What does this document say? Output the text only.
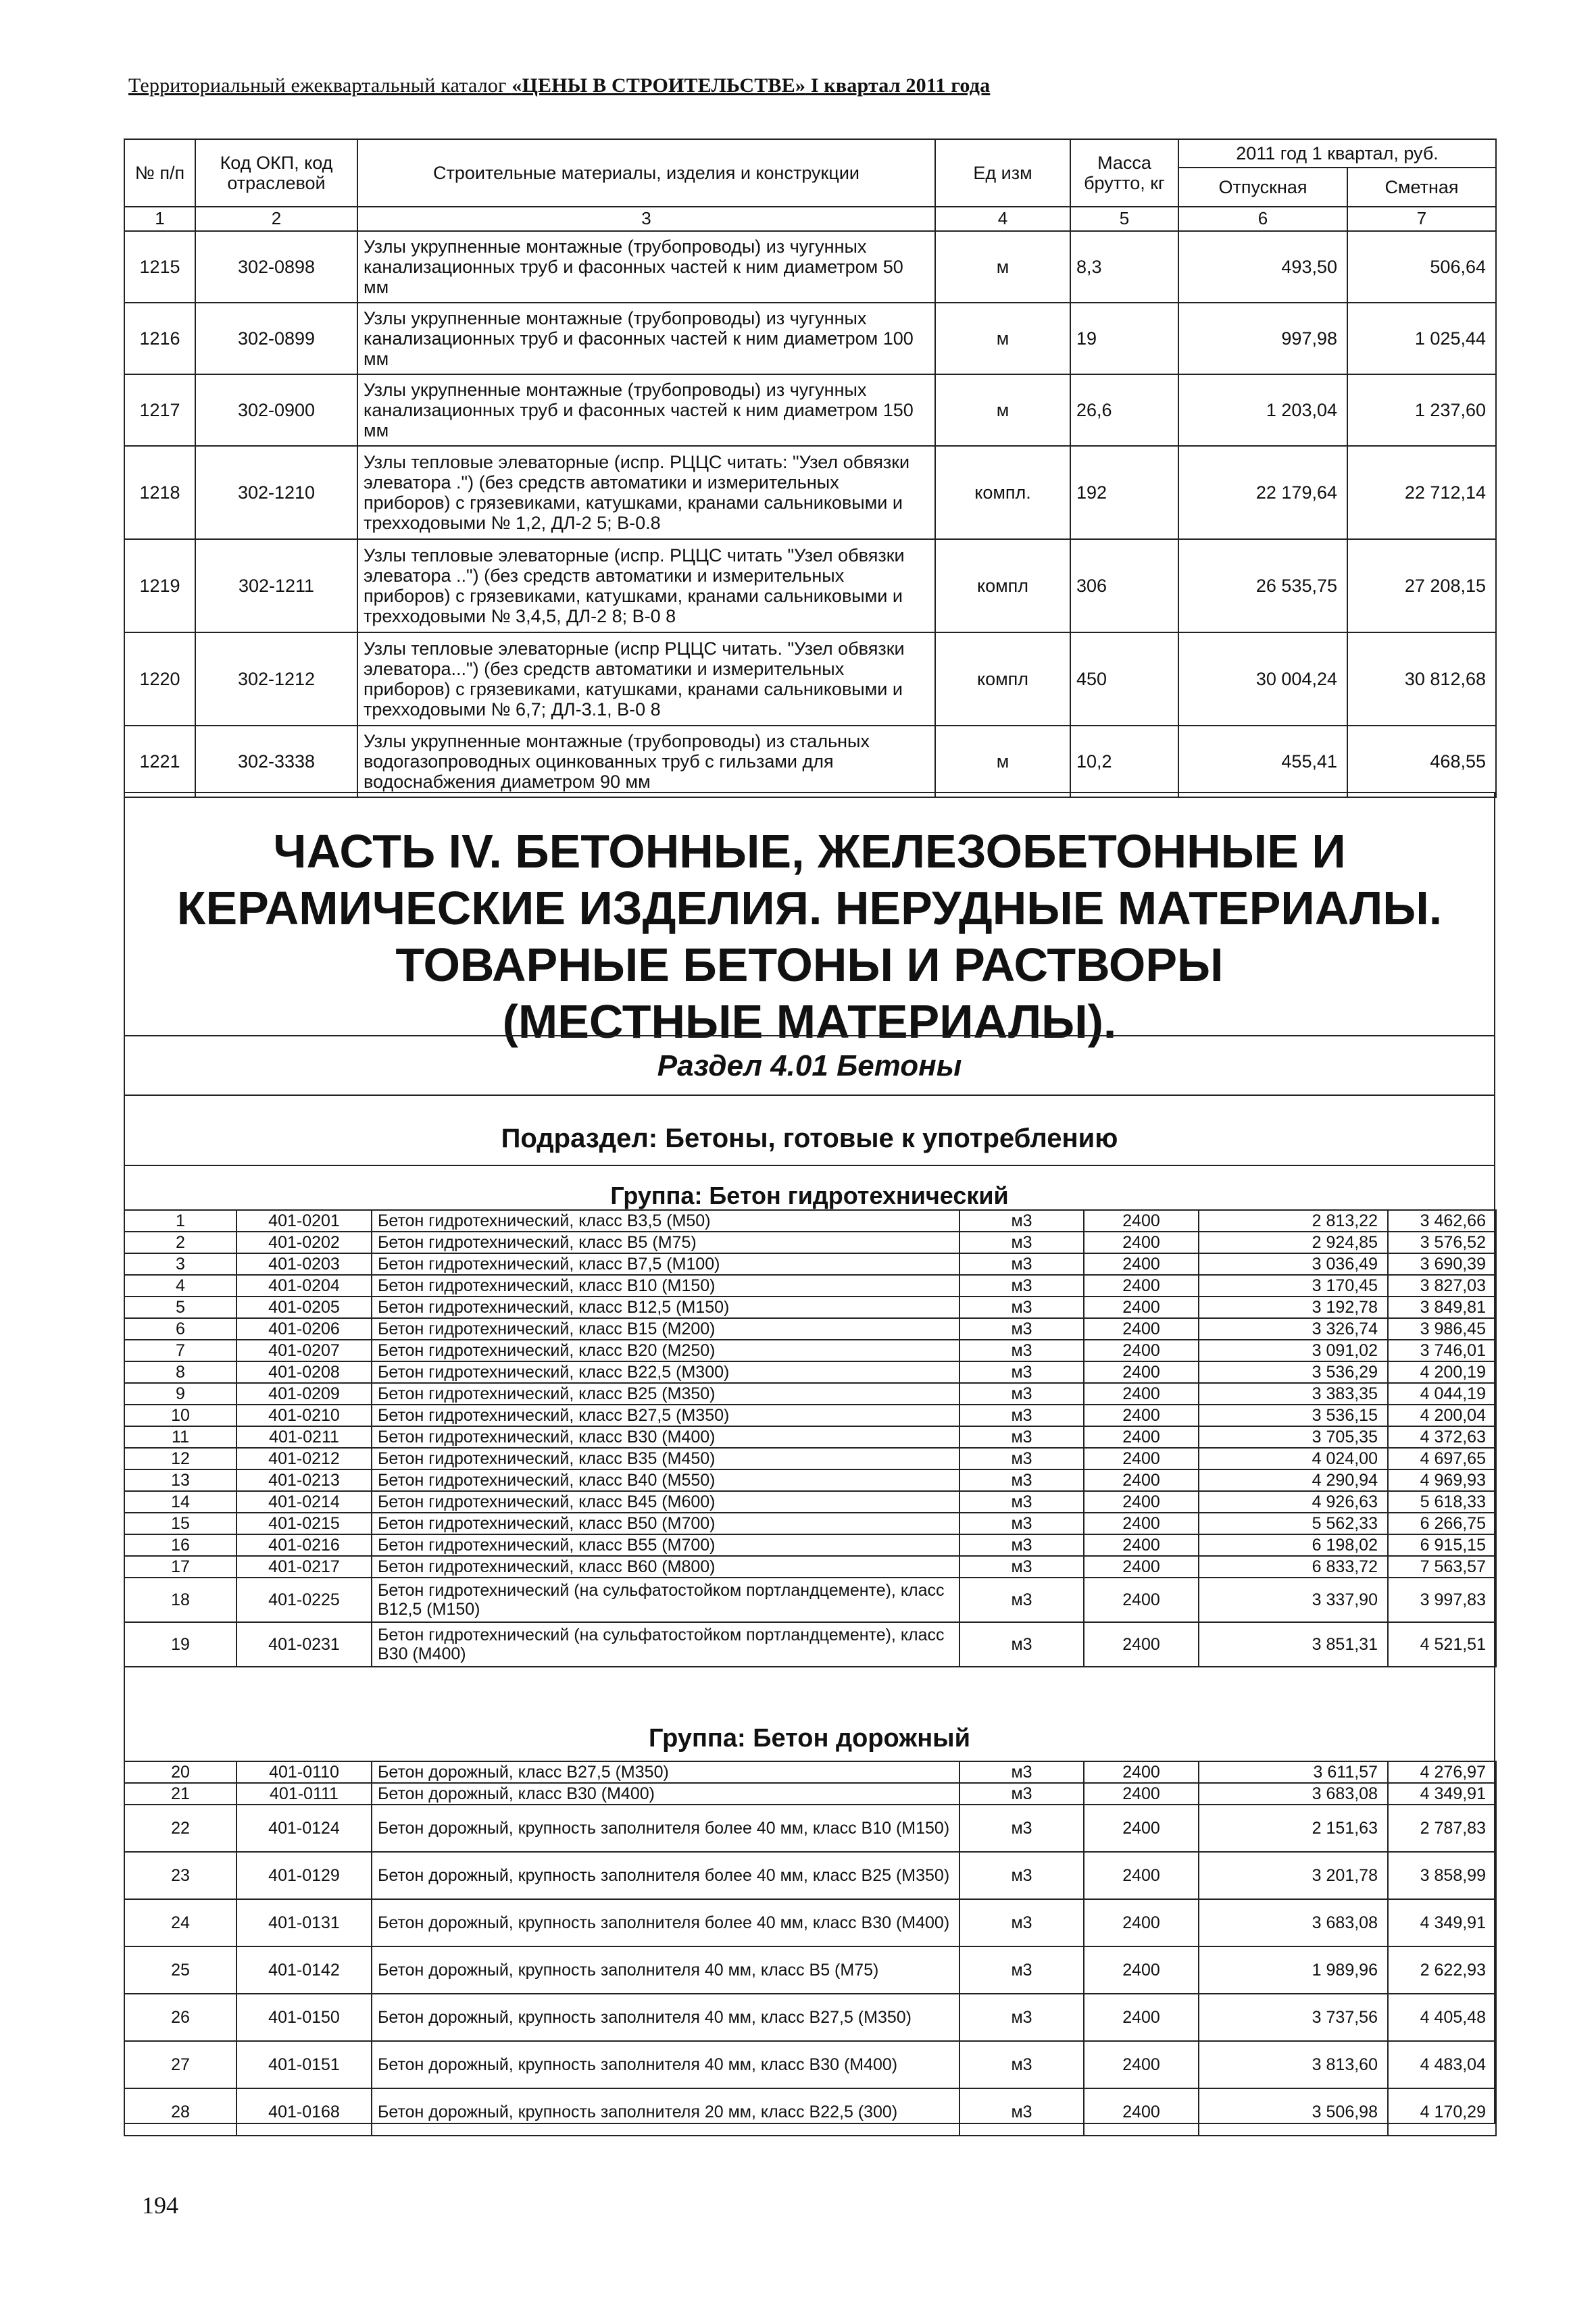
Территориальный ежеквартальный каталог «ЦЕНЫ В СТРОИТЕЛЬСТВЕ» I квартал 2011 года
№ п/п	Код ОКП, код отраслевой	Строительные материалы, изделия и конструкции	Ед изм	Масса брутто, кг	2011 год 1 квартал, руб.	
					Отпускная	Сметная
1	2	3	4	5	6	7
1215	302-0898	Узлы укрупненные монтажные (трубопроводы) из чугунных канализационных труб и фасонных частей к ним диаметром 50 мм	м	8,3	493,50	506,64
1216	302-0899	Узлы укрупненные монтажные (трубопроводы) из чугунных канализационных труб и фасонных частей к ним диаметром 100 мм	м	19	997,98	1 025,44
1217	302-0900	Узлы укрупненные монтажные (трубопроводы) из чугунных канализационных труб и фасонных частей к ним диаметром 150 мм	м	26,6	1 203,04	1 237,60
1218	302-1210	Узлы тепловые элеваторные (испр. РЦЦС читать: "Узел обвязки элеватора .") (без средств автоматики и измерительных приборов) с грязевиками, катушками, кранами сальниковыми и трехходовыми № 1,2, ДЛ-2 5; В-0.8	компл.	192	22 179,64	22 712,14
1219	302-1211	Узлы тепловые элеваторные (испр. РЦЦС читать "Узел обвязки элеватора ..") (без средств автоматики и измерительных приборов) с грязевиками, катушками, кранами сальниковыми и трехходовыми № 3,4,5, ДЛ-2 8; В-0 8	компл	306	26 535,75	27 208,15
1220	302-1212	Узлы тепловые элеваторные (испр РЦЦС читать. "Узел обвязки элеватора...") (без средств автоматики и измерительных приборов) с грязевиками, катушками, кранами сальниковыми и трехходовыми № 6,7; ДЛ-3.1, В-0 8	компл	450	30 004,24	30 812,68
1221	302-3338	Узлы укрупненные монтажные (трубопроводы) из стальных водогазопроводных оцинкованных труб с гильзами для водоснабжения диаметром 90 мм	м	10,2	455,41	468,55
ЧАСТЬ IV. БЕТОННЫЕ, ЖЕЛЕЗОБЕТОННЫЕ И
КЕРАМИЧЕСКИЕ ИЗДЕЛИЯ. НЕРУДНЫЕ МАТЕРИАЛЫ.
ТОВАРНЫЕ БЕТОНЫ И РАСТВОРЫ
(МЕСТНЫЕ МАТЕРИАЛЫ).
Раздел 4.01 Бетоны
Подраздел: Бетоны, готовые к употреблению
Группа: Бетон гидротехнический
1	401-0201	Бетон гидротехнический, класс В3,5 (М50)	м3	2400	2 813,22	3 462,66
2	401-0202	Бетон гидротехнический, класс В5 (М75)	м3	2400	2 924,85	3 576,52
3	401-0203	Бетон гидротехнический, класс В7,5 (М100)	м3	2400	3 036,49	3 690,39
4	401-0204	Бетон гидротехнический, класс В10 (М150)	м3	2400	3 170,45	3 827,03
5	401-0205	Бетон гидротехнический, класс В12,5 (М150)	м3	2400	3 192,78	3 849,81
6	401-0206	Бетон гидротехнический, класс В15 (М200)	м3	2400	3 326,74	3 986,45
7	401-0207	Бетон гидротехнический, класс В20 (М250)	м3	2400	3 091,02	3 746,01
8	401-0208	Бетон гидротехнический, класс В22,5 (М300)	м3	2400	3 536,29	4 200,19
9	401-0209	Бетон гидротехнический, класс В25 (М350)	м3	2400	3 383,35	4 044,19
10	401-0210	Бетон гидротехнический, класс В27,5 (М350)	м3	2400	3 536,15	4 200,04
11	401-0211	Бетон гидротехнический, класс В30 (М400)	м3	2400	3 705,35	4 372,63
12	401-0212	Бетон гидротехнический, класс В35 (М450)	м3	2400	4 024,00	4 697,65
13	401-0213	Бетон гидротехнический, класс В40 (М550)	м3	2400	4 290,94	4 969,93
14	401-0214	Бетон гидротехнический, класс В45 (М600)	м3	2400	4 926,63	5 618,33
15	401-0215	Бетон гидротехнический, класс В50 (М700)	м3	2400	5 562,33	6 266,75
16	401-0216	Бетон гидротехнический, класс В55 (М700)	м3	2400	6 198,02	6 915,15
17	401-0217	Бетон гидротехнический, класс В60 (М800)	м3	2400	6 833,72	7 563,57
18	401-0225	Бетон гидротехнический (на сульфатостойком портландцементе), класс В12,5 (М150)	м3	2400	3 337,90	3 997,83
19	401-0231	Бетон гидротехнический (на сульфатостойком портландцементе), класс В30 (М400)	м3	2400	3 851,31	4 521,51
Группа: Бетон дорожный
20	401-0110	Бетон дорожный, класс В27,5 (М350)	м3	2400	3 611,57	4 276,97
21	401-0111	Бетон дорожный, класс В30 (М400)	м3	2400	3 683,08	4 349,91
22	401-0124	Бетон дорожный, крупность заполнителя более 40 мм, класс В10 (М150)	м3	2400	2 151,63	2 787,83
23	401-0129	Бетон дорожный, крупность заполнителя более 40 мм, класс В25 (М350)	м3	2400	3 201,78	3 858,99
24	401-0131	Бетон дорожный, крупность заполнителя более 40 мм, класс В30 (М400)	м3	2400	3 683,08	4 349,91
25	401-0142	Бетон дорожный, крупность заполнителя 40 мм, класс В5 (М75)	м3	2400	1 989,96	2 622,93
26	401-0150	Бетон дорожный, крупность заполнителя 40 мм, класс В27,5 (М350)	м3	2400	3 737,56	4 405,48
27	401-0151	Бетон дорожный, крупность заполнителя 40 мм, класс В30 (М400)	м3	2400	3 813,60	4 483,04
28	401-0168	Бетон дорожный, крупность заполнителя 20 мм, класс В22,5 (300)	м3	2400	3 506,98	4 170,29
194
